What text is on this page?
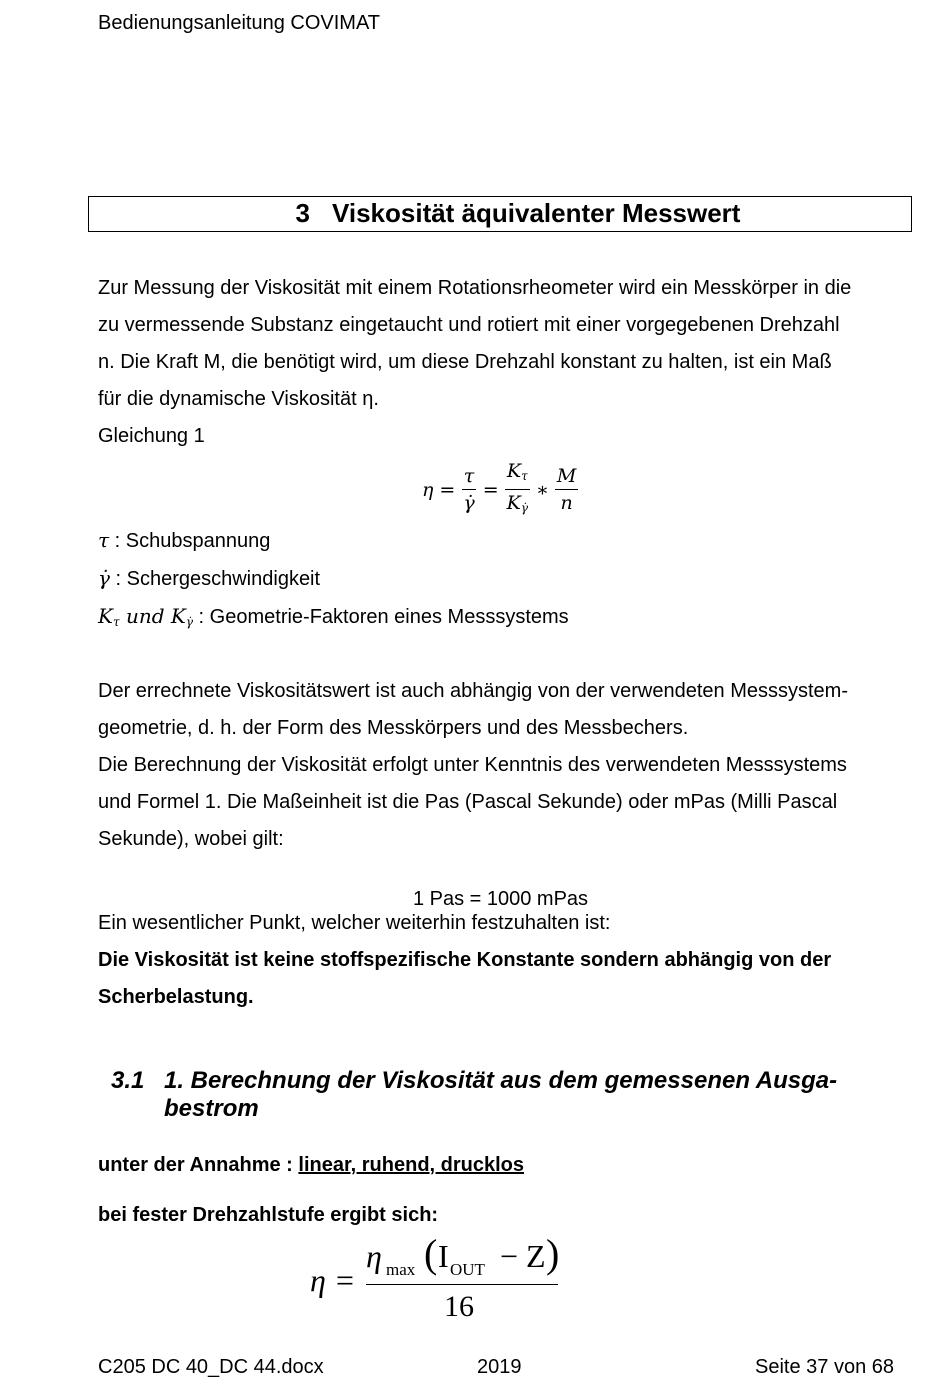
Bedienungsanleitung COVIMAT
3 Viskosität äquivalenter Messwert
Zur Messung der Viskosität mit einem Rotationsrheometer wird ein Messkörper in die
zu vermessende Substanz eingetaucht und rotiert mit einer vorgegebenen Drehzahl
n. Die Kraft M, die benötigt wird, um diese Drehzahl konstant zu halten, ist ein Maß
für die dynamische Viskosität η.
Gleichung 1
$\eta = \frac{\tau}{\gammȧ} = \frac{K_\tau}{K_{\gammȧ}}$ ∗ $\frac{M}{n}$
τ : Schubspannung
γ̇ : Schergeschwindigkeit
$K_\tau$ und $K_{\gammȧ}$ : Geometrie-Faktoren eines Messsystems
Der errechnete Viskositätswert ist auch abhängig von der verwendeten Messsystem-
geometrie, d. h. der Form des Messkörpers und des Messbechers.
Die Berechnung der Viskosität erfolgt unter Kenntnis des verwendeten Messsystems
und Formel 1. Die Maßeinheit ist die Pas (Pascal Sekunde) oder mPas (Milli Pascal
Sekunde), wobei gilt:
1 Pas = 1000 mPas
Ein wesentlicher Punkt, welcher weiterhin festzuhalten ist:
Die Viskosität ist keine stoffspezifische Konstante sondern abhängig von der
Scherbelastung.
3.1 1. Berechnung der Viskosität aus dem gemessenen Ausga-
bestrom
unter der Annahme : linear, ruhend, drucklos
bei fester Drehzahlstufe ergibt sich:
η =
η max ( I OUT − Z )
16
C205 DC 40_DC 44.docx	2019	Seite 37 von 68
